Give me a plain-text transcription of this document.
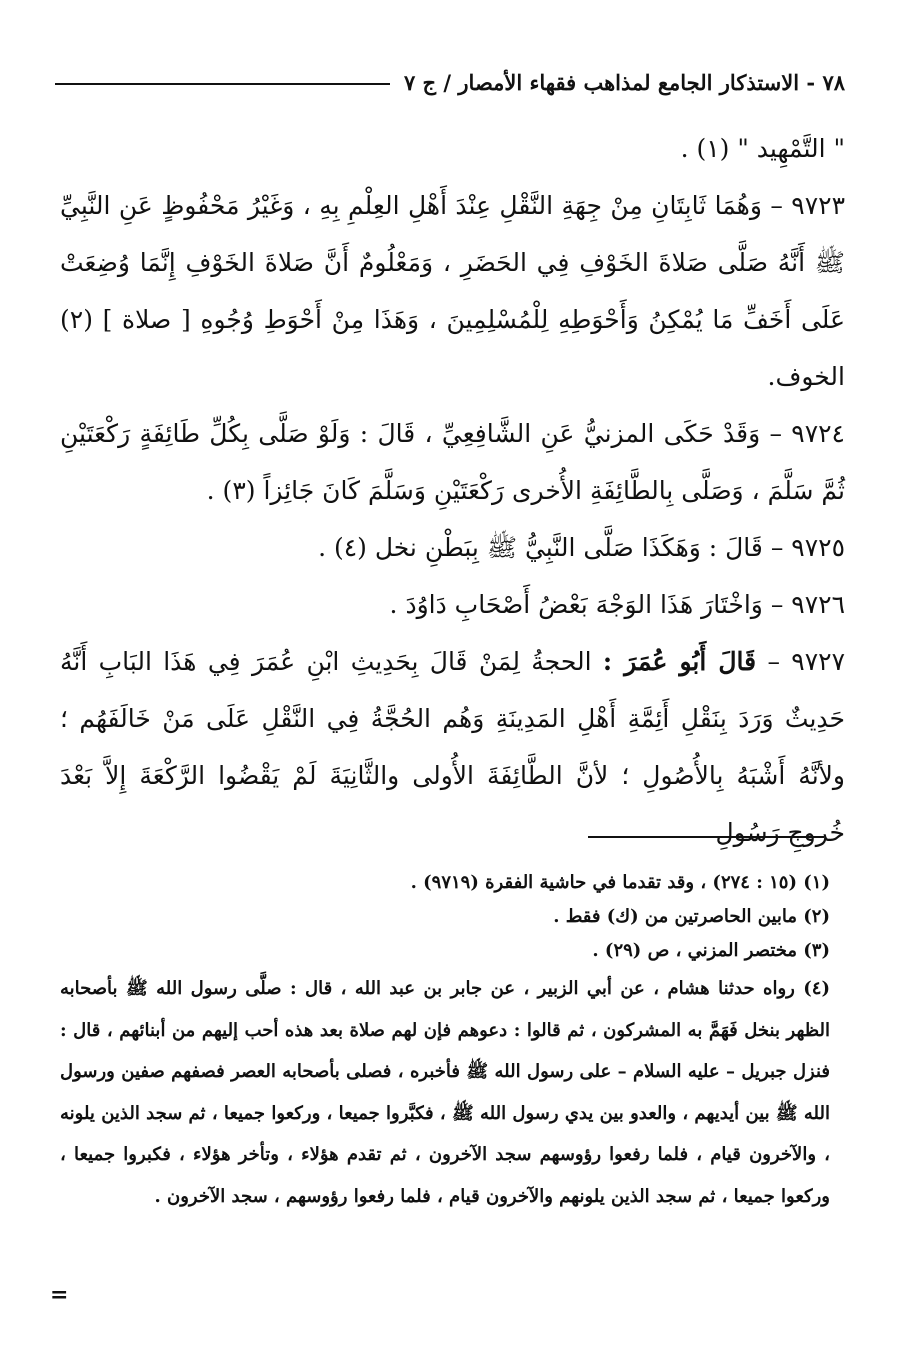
٧٨ - الاستذكار الجامع لمذاهب فقهاء الأمصار / ج ٧

" التَّمْهِيد " (١) .

٩٧٢٣ – وَهُمَا ثَابِتَانِ مِنْ جِهَةِ النَّقْلِ عِنْدَ أَهْلِ العِلْمِ بِهِ ، وَغَيْرُ مَحْفُوظٍ عَنِ النَّبِيِّ ﷺ أَنَّهُ صَلَّى صَلاةَ الخَوْفِ فِي الحَضَرِ ، وَمَعْلُومٌ أَنَّ صَلاةَ الخَوْفِ إِنَّمَا وُضِعَتْ عَلَى أَخَفِّ مَا يُمْكِنُ وَأَحْوَطِهِ لِلْمُسْلِمِينَ ، وَهَذَا مِنْ أَحْوَطِ وُجُوهِ [ صلاة ] (٢) الخوف.

٩٧٢٤ – وَقَدْ حَكَى المزنيُّ عَنِ الشَّافِعِيِّ ، قَالَ : وَلَوْ صَلَّى بِكُلِّ طَائِفَةٍ رَكْعَتَيْنِ ثُمَّ سَلَّمَ ، وَصَلَّى بِالطَّائِفَةِ الأُخرى رَكْعَتَيْنِ وَسَلَّمَ كَانَ جَائِزاً (٣) .

٩٧٢٥ – قَالَ : وَهَكَذَا صَلَّى النَّبِيُّ ﷺ بِبَطْنِ نخل (٤) .

٩٧٢٦ – وَاخْتَارَ هَذَا الوَجْهَ بَعْضُ أَصْحَابِ دَاوُدَ .

٩٧٢٧ – قَالَ أَبُو عُمَرَ : الحجةُ لِمَنْ قَالَ بِحَدِيثِ ابْنِ عُمَرَ فِي هَذَا البَابِ أَنَّهُ حَدِيثٌ وَرَدَ بِنَقْلِ أَئِمَّةِ أَهْلِ المَدِينَةِ وَهُم الحُجَّةُ فِي النَّقْلِ عَلَى مَنْ خَالَفَهُم ؛ ولأنَّهُ أَشْبَهُ بِالأُصُولِ ؛ لأنَّ الطَّائِفَةَ الأُولى والثَّانِيَةَ لَمْ يَقْضُوا الرَّكْعَةَ إِلاَّ بَعْدَ خُروجِ رَسُولِ

(١) (١٥ : ٢٧٤) ، وقد تقدما في حاشية الفقرة (٩٧١٩) .

(٢) مابين الحاصرتين من (ك) فقط .

(٣) مختصر المزني ، ص (٢٩) .

(٤) رواه حدثنا هشام ، عن أبي الزبير ، عن جابر بن عبد الله ، قال : صلَّى رسول الله ﷺ بأصحابه الظهر بنخل فَهَمَّ به المشركون ، ثم قالوا : دعوهم فإن لهم صلاة بعد هذه أحب إليهم من أبنائهم ، قال : فنزل جبريل – عليه السلام – على رسول الله ﷺ فأخبره ، فصلى بأصحابه العصر فصفهم صفين ورسول الله ﷺ بين أيديهم ، والعدو بين يدي رسول الله ﷺ ، فكبَّروا جميعا ، وركعوا جميعا ، ثم سجد الذين يلونه ، والآخرون قيام ، فلما رفعوا رؤوسهم سجد الآخرون ، ثم تقدم هؤلاء ، وتأخر هؤلاء ، فكبروا جميعا ، وركعوا جميعا ، ثم سجد الذين يلونهم والآخرون قيام ، فلما رفعوا رؤوسهم ، سجد الآخرون .

=
